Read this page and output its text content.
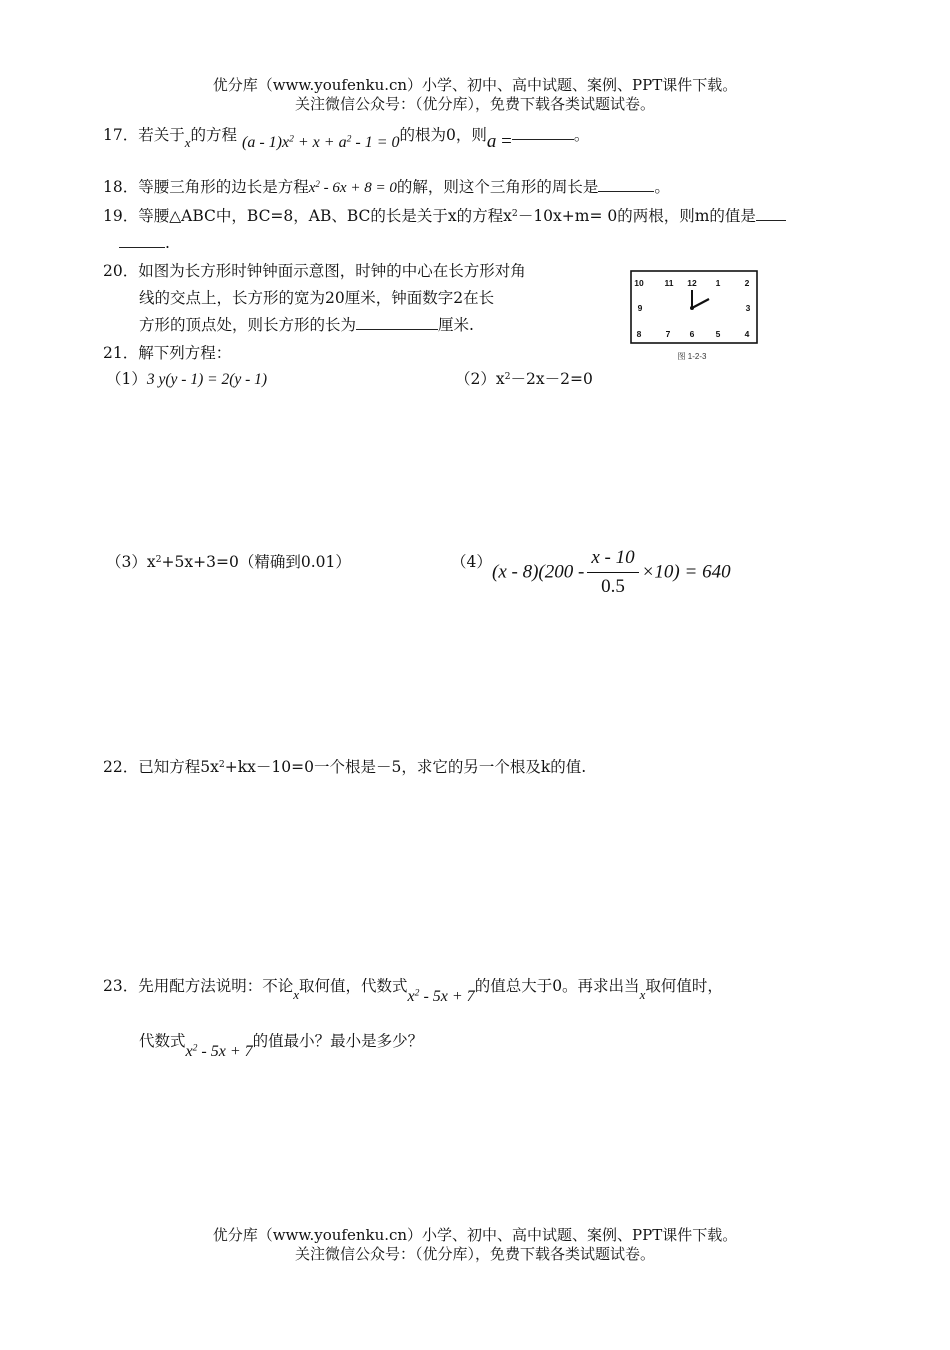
优分库（www.youfenku.cn）小学、初中、高中试题、案例、PPT课件下载。
关注微信公众号：（优分库），免费下载各类试题试卷。
17．若关于$_x$的方程 $(a - 1)x^2 + x + a^2 - 1 = 0$的根为0，则a =	。
18．等腰三角形的边长是方程$x^2 - 6x + 8 = 0$的解，则这个三角形的周长是	。
19．等腰△ABC中，BC=8，AB、BC的长是关于x的方程$x^2-10x+m= 0$的两根，则m的值是
.
20．如图为长方形时钟钟面示意图，时钟的中心在长方形对角
线的交点上，长方形的宽为20厘米，钟面数字2在长
方形的顶点处，则长方形的长为	厘米.
10 11 12 1	2
9	3
8	7 6	5	4
图 1-2-3
21．解下列方程：
（1）3 y(y - 1) = 2(y - 1)	$(2)x^2-2x-2=0$
$(3)x^2+5x+3=0$（精确到0.01）	（4） $(x - 8)(200 - \frac{x - 10}{0.5} \times 10) = 640$
22．已知方程$5x^2+kx-10=0$一个根是－5，求它的另一个根及k的值.
23．先用配方法说明：不论$_x$取何值，代数式$x^2 - 5x + 7$的值总大于0。再求出当$_x$取何值时，
代数式$x^2 - 5x + 7$的值最小？最小是多少？
优分库（www.youfenku.cn）小学、初中、高中试题、案例、PPT课件下载。
关注微信公众号：（优分库），免费下载各类试题试卷。
